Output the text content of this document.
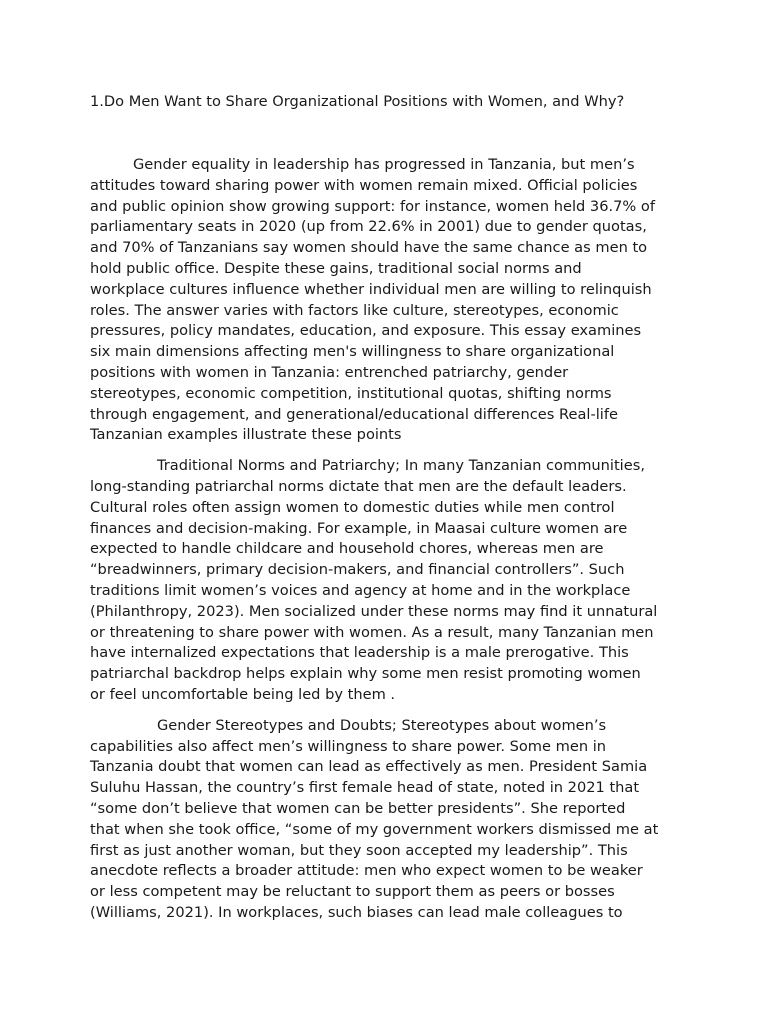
1.Do Men Want to Share Organizational Positions with Women, and Why?

Gender equality in leadership has progressed in Tanzania, but men’s
attitudes toward sharing power with women remain mixed. Official policies
and public opinion show growing support: for instance, women held 36.7% of
parliamentary seats in 2020 (up from 22.6% in 2001) due to gender quotas,
and 70% of Tanzanians say women should have the same chance as men to
hold public office. Despite these gains, traditional social norms and
workplace cultures influence whether individual men are willing to relinquish
roles. The answer varies with factors like culture, stereotypes, economic
pressures, policy mandates, education, and exposure. This essay examines
six main dimensions affecting men's willingness to share organizational
positions with women in Tanzania: entrenched patriarchy, gender
stereotypes, economic competition, institutional quotas, shifting norms
through engagement, and generational/educational differences Real-life
Tanzanian examples illustrate these points

Traditional Norms and Patriarchy; In many Tanzanian communities,
long-standing patriarchal norms dictate that men are the default leaders.
Cultural roles often assign women to domestic duties while men control
finances and decision-making. For example, in Maasai culture women are
expected to handle childcare and household chores, whereas men are
“breadwinners, primary decision-makers, and financial controllers”. Such
traditions limit women’s voices and agency at home and in the workplace
(Philanthropy, 2023). Men socialized under these norms may find it unnatural
or threatening to share power with women. As a result, many Tanzanian men
have internalized expectations that leadership is a male prerogative. This
patriarchal backdrop helps explain why some men resist promoting women
or feel uncomfortable being led by them .

Gender Stereotypes and Doubts; Stereotypes about women’s
capabilities also affect men’s willingness to share power. Some men in
Tanzania doubt that women can lead as effectively as men. President Samia
Suluhu Hassan, the country’s first female head of state, noted in 2021 that
“some don’t believe that women can be better presidents”. She reported
that when she took office, “some of my government workers dismissed me at
first as just another woman, but they soon accepted my leadership”. This
anecdote reflects a broader attitude: men who expect women to be weaker
or less competent may be reluctant to support them as peers or bosses
(Williams, 2021). In workplaces, such biases can lead male colleagues to
